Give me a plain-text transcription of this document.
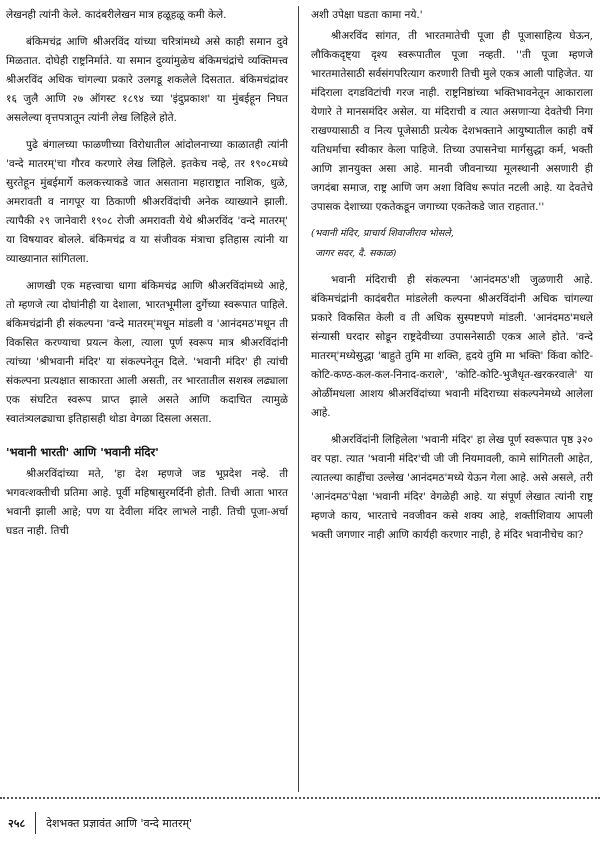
लेखनही त्यांनी केले. कादंबरीलेखन मात्र हळूहळू कमी केले.

बंकिमचंद्र आणि श्रीअरविंद यांच्या चरित्रांमध्ये असे काही समान दुवे मिळतात. दोघेही राष्ट्रनिर्माते. या समान दुव्यांमुळेच बंकिमचंद्रांचे व्यक्तिमत्त्व श्रीअरविंद अधिक चांगल्या प्रकारे उलगडू शकलेले दिसतात. बंकिमचंद्रांवर १६ जुलै आणि २७ ऑगस्ट १८९४ च्या 'इंदुप्रकाश' या मुंबईहून निघत असलेल्या वृत्तपत्रातून त्यांनी लेख लिहिले होते.

पुढे बंगालच्या फाळणीच्या विरोधातील आंदोलनाच्या काळातही त्यांनी 'वन्दे मातरम्'चा गौरव करणारे लेख लिहिले. इतकेच नव्हे, तर १९०८मध्ये सुरतेहून मुंबईमार्गे कलकत्त्याकडे जात असताना महाराष्ट्रात नाशिक, धुळे, अमरावती व नागपूर या ठिकाणी श्रीअरविंदांची अनेक व्याख्याने झाली. त्यापैकी २९ जानेवारी १९०८ रोजी अमरावती येथे श्रीअरविंद 'वन्दे मातरम्' या विषयावर बोलले. बंकिमचंद्र व या संजीवक मंत्राचा इतिहास त्यांनी या व्याख्यानात सांगितला.

आणखी एक महत्त्वाचा धागा बंकिमचंद्र आणि श्रीअरविंदांमध्ये आहे, तो म्हणजे त्या दोघांनीही या देशाला, भारतभूमीला दुर्गेच्या स्वरूपात पाहिले. बंकिमचंद्रांनी ही संकल्पना 'वन्दे मातरम्'मधून मांडली व 'आनंदमठ'मधून ती विकसित करण्याचा प्रयत्न केला, त्याला पूर्ण स्वरूप मात्र श्रीअरविंदांनी त्यांच्या 'श्रीभवानी मंदिर' या संकल्पनेतून दिले. 'भवानी मंदिर' ही त्यांची संकल्पना प्रत्यक्षात साकारता आली असती, तर भारतातील सशस्त्र लढ्याला एक संघटित स्वरूप प्राप्त झाले असते आणि कदाचित त्यामुळे स्वातंत्र्यलढ्याचा इतिहासही थोडा वेगळा दिसला असता.

'भवानी भारती' आणि 'भवानी मंदिर'

श्रीअरविंदांच्या मते, 'हा देश म्हणजे जड भूप्रदेश नव्हे. ती भगवत्शक्तीची प्रतिमा आहे. पूर्वी महिषासुरमर्दिनी होती. तिची आता भारत भवानी झाली आहे; पण या देवीला मंदिर लाभले नाही. तिची पूजा-अर्चा घडत नाही. तिची

अशी उपेक्षा घडता कामा नये.'

श्रीअरविंद सांगत, ती भारतमातेची पूजा ही पूजासाहित्य घेऊन, लौकिकदृष्ट्या दृश्य स्वरूपातील पूजा नव्हती. ''ती पूजा म्हणजे भारतमातेसाठी सर्वसंगपरित्याग करणारी तिची मुले एकत्र आली पाहिजेत. या मंदिराला दगडविटांची गरज नाही. राष्ट्रनिष्ठांच्या भक्तिभावनेतून आकाराला येणारे ते मानसमंदिर असेल. या मंदिराची व त्यात असणाऱ्या देवतेची निगा राखण्यासाठी व नित्य पूजेसाठी प्रत्येक देशभक्ताने आयुष्यातील काही वर्षे यतिधर्माचा स्वीकार केला पाहिजे. तिच्या उपासनेचा मार्गसुद्धा कर्म, भक्ती आणि ज्ञानयुक्त असा आहे. मानवी जीवनाच्या मूलस्थानी असणारी ही जगदंबा समाज, राष्ट्र आणि जग अशा विविध रूपांत नटली आहे. या देवतेचे उपासक देशाच्या एकतेकडून जगाच्या एकतेकडे जात राहतात.''

(भवानी मंदिर, प्राचार्य शिवाजीराव भोसले,

जागर सदर, दै. सकाळ)

भवानी मंदिराची ही संकल्पना 'आनंदमठ'शी जुळणारी आहे. बंकिमचंद्रांनी कादंबरीत मांडलेली कल्पना श्रीअरविंदांनी अधिक चांगल्या प्रकारे विकसित केली व ती अधिक सुस्पष्टपणे मांडली. 'आनंदमठ'मधले संन्यासी घरदार सोडून राष्ट्रदेवीच्या उपासनेसाठी एकत्र आले होते. 'वन्दे मातरम्'मध्येसुद्धा 'बाहुते तुमि मा शक्ति, हृदये तुमि मा भक्ति' किंवा कोटि-कोटि-कण्ठ-कल-कल-निनाद-कराले', 'कोटि-कोटि-भुजैधृत-खरकरवाले' या ओळींमधला आशय श्रीअरविंदांच्या भवानी मंदिराच्या संकल्पनेमध्ये आलेला आहे.

श्रीअरविंदांनी लिहिलेला 'भवानी मंदिर' हा लेख पूर्ण स्वरूपात पृष्ठ ३२० वर पहा. त्यात 'भवानी मंदिर'ची जी जी नियमावली, कामे सांगितली आहेत, त्यातल्या काहींचा उल्लेख 'आनंदमठ'मध्ये येऊन गेला आहे. असे असले, तरी 'आनंदमठ'पेक्षा 'भवानी मंदिर' वेगळेही आहे. या संपूर्ण लेखात त्यांनी राष्ट्र म्हणजे काय, भारताचे नवजीवन कसे शक्य आहे, शक्तीशिवाय आपली भक्ती जगणार नाही आणि कार्यही करणार नाही, हे मंदिर भवानीचेच का?

२५८	देशभक्त प्रज्ञावंत आणि 'वन्दे मातरम्'
